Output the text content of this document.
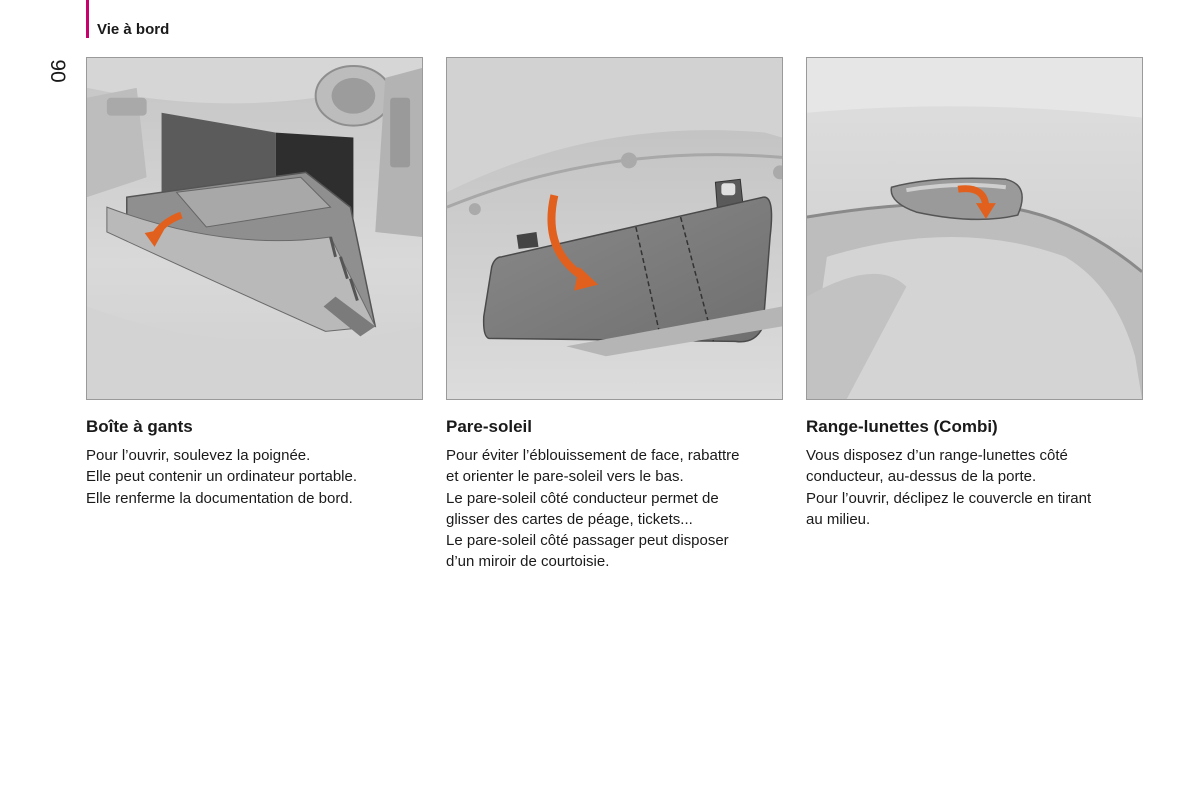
Vie à bord
90
Boîte à gants
Pour l’ouvrir, soulevez la poignée.
Elle peut contenir un ordinateur portable.
Elle renferme la documentation de bord.
Pare-soleil
Pour éviter l’éblouissement de face, rabattre
et orienter le pare-soleil vers le bas.
Le pare-soleil côté conducteur permet de
glisser des cartes de péage, tickets...
Le pare-soleil côté passager peut disposer
d’un miroir de courtoisie.
Range-lunettes (Combi)
Vous disposez d’un range-lunettes côté
conducteur, au-dessus de la porte.
Pour l’ouvrir, déclipez le couvercle en tirant
au milieu.
